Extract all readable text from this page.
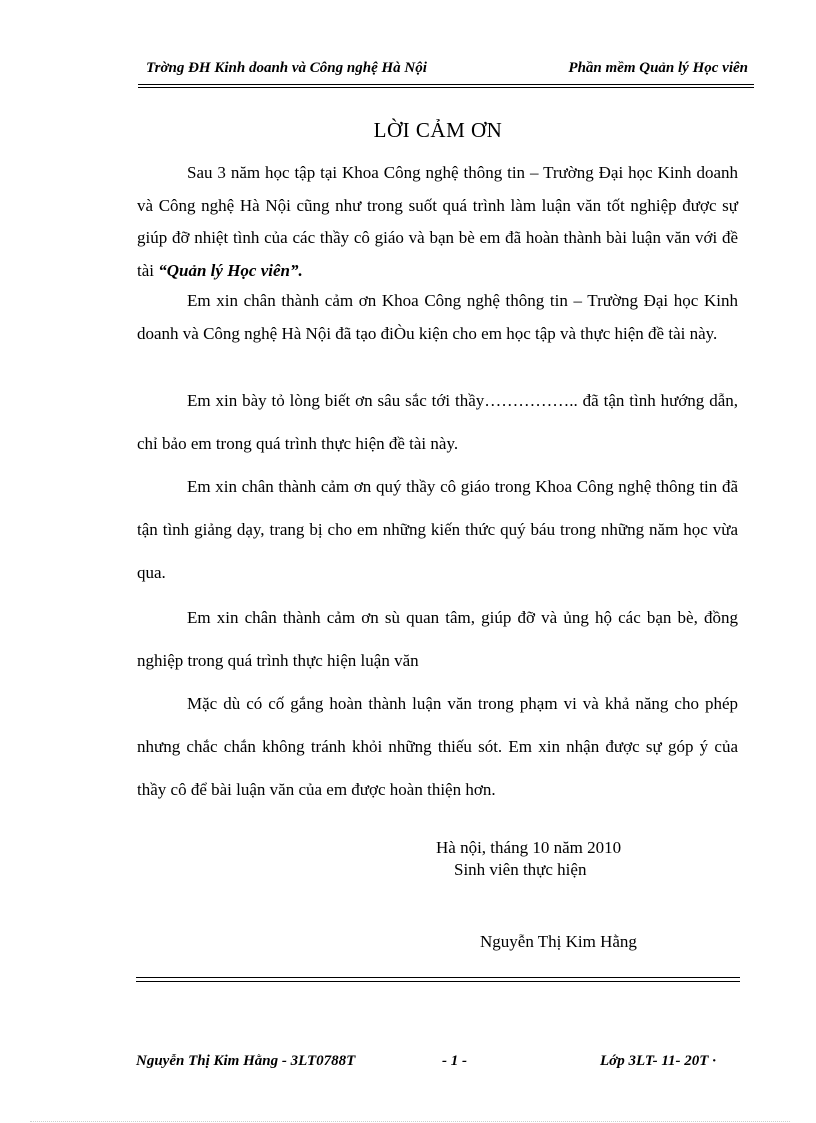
Trờng ĐH Kinh doanh và Công nghệ Hà Nội	Phần mềm Quản lý Học viên
LỜI CẢM ƠN

Sau 3 năm học tập tại Khoa Công nghệ thông tin – Trường Đại học Kinh doanh và Công nghệ Hà Nội cũng như trong suốt quá trình làm luận văn tốt nghiệp được sự giúp đỡ nhiệt tình của các thầy cô giáo và bạn bè em đã hoàn thành bài luận văn với đề tài “Quản lý Học viên”.

Em xin chân thành cảm ơn Khoa Công nghệ thông tin – Trường Đại học Kinh doanh và Công nghệ Hà Nội đã tạo điÒu kiện cho em học tập và thực hiện đề tài này.

Em xin bày tỏ lòng biết ơn sâu sắc tới thầy…………….. đã tận tình hướng dẫn, chỉ bảo em trong quá trình thực hiện đề tài này.

Em xin chân thành cảm ơn quý thầy cô giáo trong Khoa Công nghệ thông tin đã tận tình giảng dạy, trang bị cho em những kiến thức quý báu trong những năm học vừa qua.

Em xin chân thành cảm ơn sù quan tâm, giúp đỡ và ủng hộ các bạn bè, đồng nghiệp trong quá trình thực hiện luận văn

Mặc dù có cố gắng hoàn thành luận văn trong phạm vi và khả năng cho phép nhưng chắc chắn không tránh khỏi những thiếu sót. Em xin nhận được sự góp ý của thầy cô để bài luận văn của em được hoàn thiện hơn.

Hà nội, tháng 10 năm 2010
Sinh viên thực hiện
Nguyễn Thị Kim Hằng
Nguyễn Thị Kim Hằng - 3LT0788T	- 1 -	Lớp 3LT- 11- 20T ·
